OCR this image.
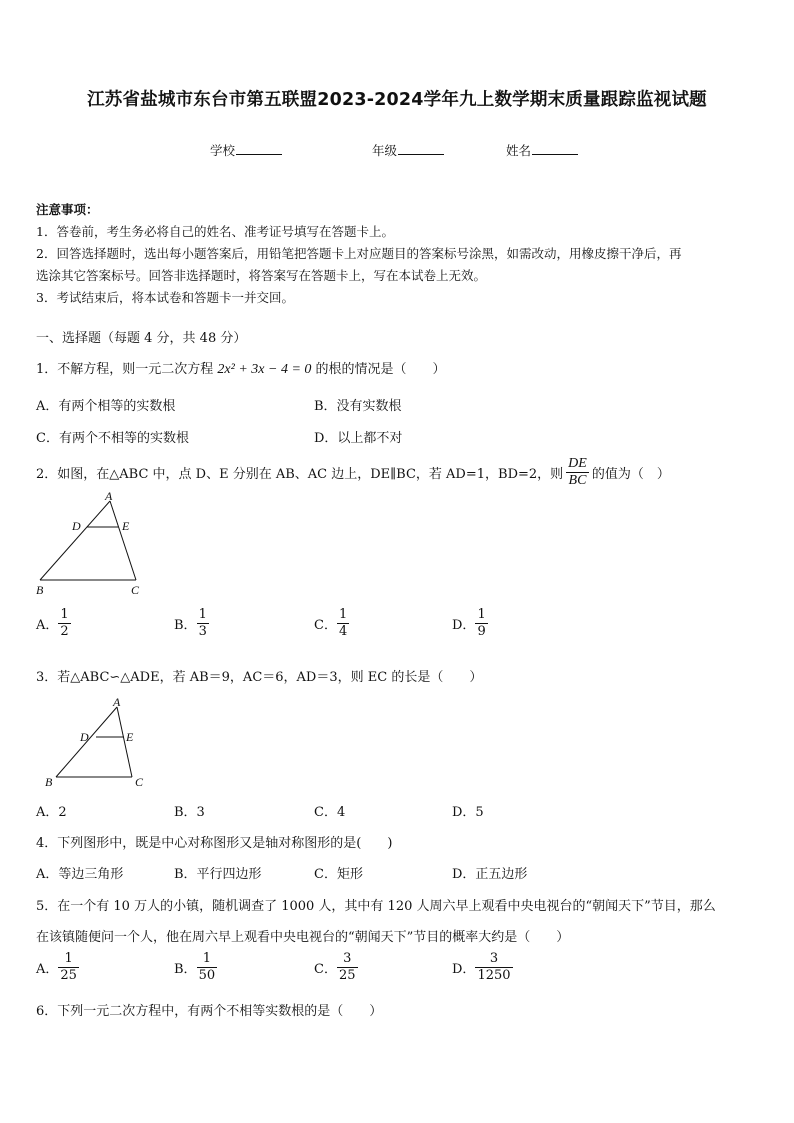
江苏省盐城市东台市第五联盟2023-2024学年九上数学期末质量跟踪监视试题
学校	年级	姓名
注意事项：
1．答卷前，考生务必将自己的姓名、准考证号填写在答题卡上。
2．回答选择题时，选出每小题答案后，用铅笔把答题卡上对应题目的答案标号涂黑，如需改动，用橡皮擦干净后，再
选涂其它答案标号。回答非选择题时，将答案写在答题卡上，写在本试卷上无效。
3．考试结束后，将本试卷和答题卡一并交回。
一、选择题（每题 4 分，共 48 分）
1．不解方程，则一元二次方程 2x² + 3x − 4 = 0 的根的情况是（　　）
A．有两个相等的实数根	B．没有实数根
C．有两个不相等的实数根	D．以上都不对
2．如图，在△ABC 中，点 D、E 分别在 AB、AC 边上，DE∥BC，若 AD=1，BD=2，则 $\frac{DE}{BC}$ 的值为（　）
A
D	E
B	C
A． $\frac{1}{2}$	B． $\frac{1}{3}$	C． $\frac{1}{4}$	D． $\frac{1}{9}$
3．若△ABC∽△ADE，若 AB＝9，AC＝6，AD＝3，则 EC 的长是（　　）
A
D	E
B	C
A．2	B．3	C．4	D．5
4．下列图形中，既是中心对称图形又是轴对称图形的是(　　)
A．等边三角形	B．平行四边形	C．矩形	D．正五边形
5．在一个有 10 万人的小镇，随机调查了 1000 人，其中有 120 人周六早上观看中央电视台的“朝闻天下”节目，那么
在该镇随便问一个人，他在周六早上观看中央电视台的“朝闻天下”节目的概率大约是（　　）
A． $\frac{1}{25}$	B． $\frac{1}{50}$	C． $\frac{3}{25}$	D． $\frac{3}{1250}$
6．下列一元二次方程中，有两个不相等实数根的是（　　）
